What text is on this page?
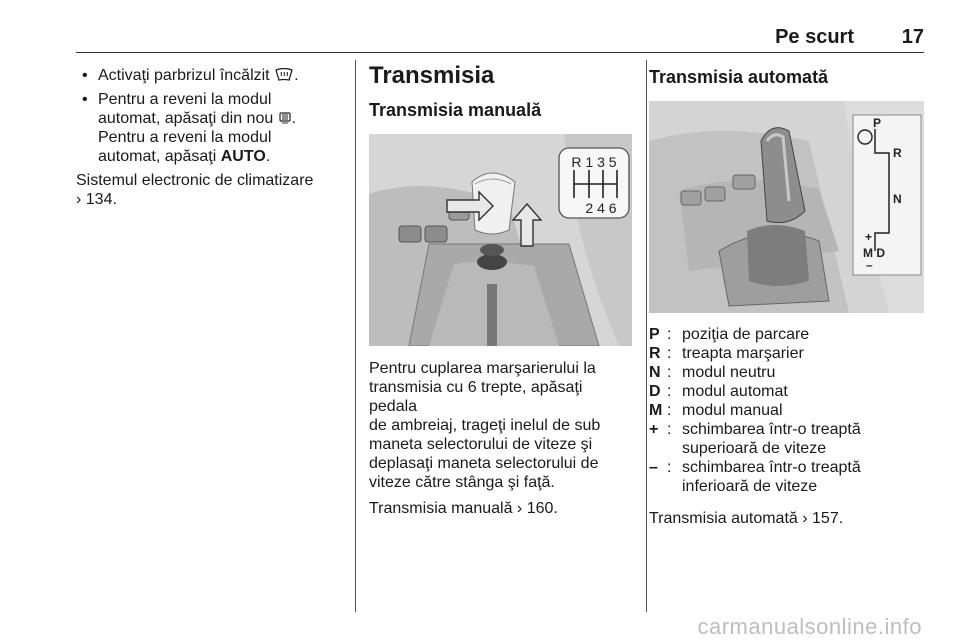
Pe scurt 17
• Activaţi parbrizul încălzit .
• Pentru a reveni la modul
automat, apăsaţi din nou .
Pentru a reveni la modul
automat, apăsaţi AUTO.

Sistemul electronic de climatizare
› 134.

Transmisia
Transmisia manuală
R 1 3 5
2 4 6

Pentru cuplarea marşarierului la
transmisia cu 6 trepte, apăsaţi pedala
de ambreiaj, trageţi inelul de sub
maneta selectorului de viteze şi
deplasaţi maneta selectorului de
viteze către stânga şi faţă.

Transmisia manuală › 160.

Transmisia automată
P
R
N
+
M D
–
P : poziţia de parcare
R : treapta marşarier
N : modul neutru
D : modul automat
M : modul manual
+ : schimbarea într-o treaptă
superioară de viteze
– : schimbarea într-o treaptă
inferioară de viteze

Transmisia automată › 157.

carmanualsonline.info
